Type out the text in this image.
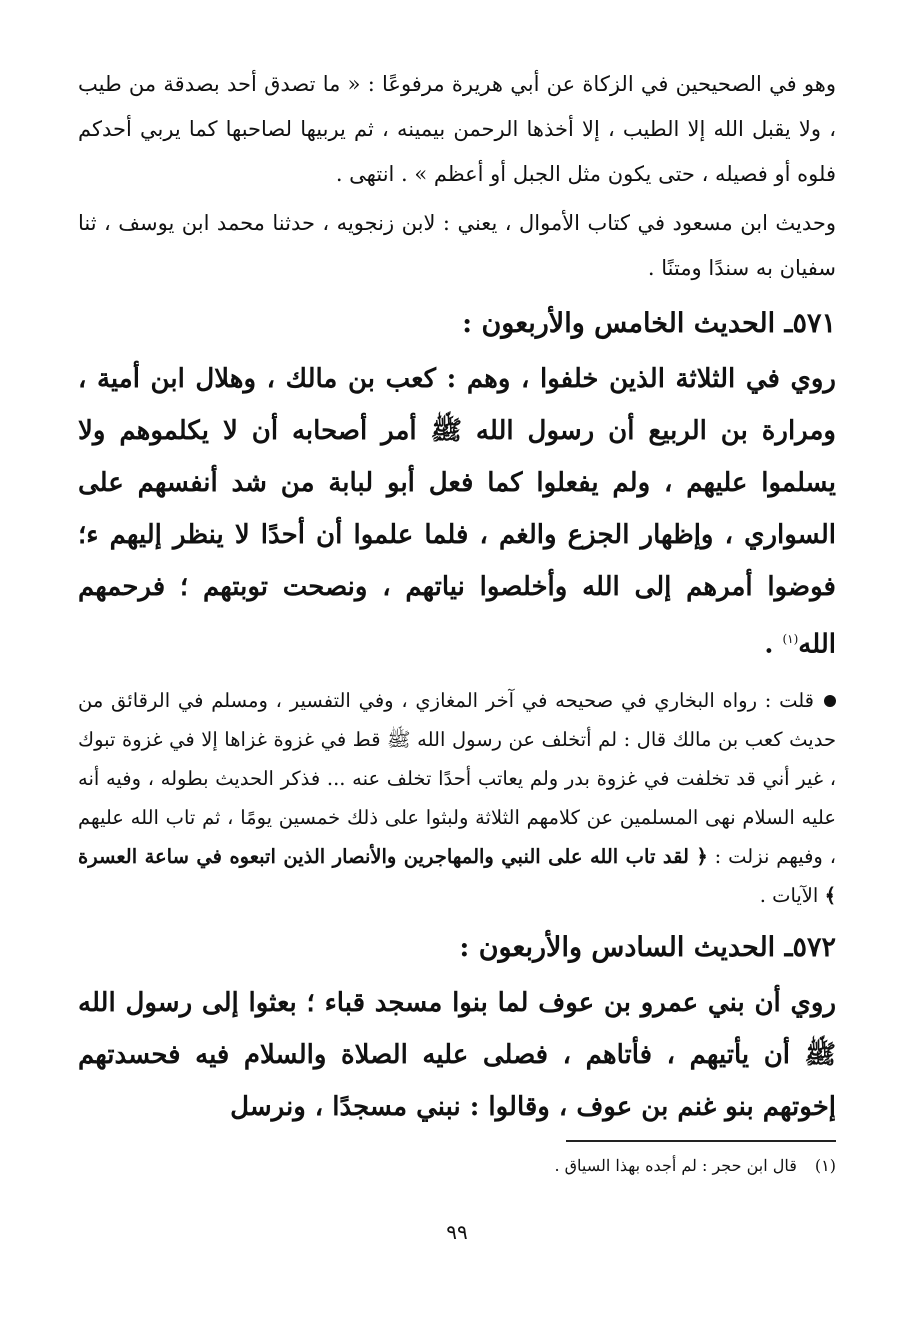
وهو في الصحيحين في الزكاة عن أبي هريرة مرفوعًا : « ما تصدق أحد بصدقة من طيب ، ولا يقبل الله إلا الطيب ، إلا أخذها الرحمن بيمينه ، ثم يربيها لصاحبها كما يربي أحدكم فلوه أو فصيله ، حتى يكون مثل الجبل أو أعظم » . انتهى .

وحديث ابن مسعود في كتاب الأموال ، يعني : لابن زنجويه ، حدثنا محمد ابن يوسف ، ثنا سفيان به سندًا ومتنًا .

٥٧١ـ الحديث الخامس والأربعون :

روي في الثلاثة الذين خلفوا ، وهم : كعب بن مالك ، وهلال ابن أمية ، ومرارة بن الربيع أن رسول الله ﷺ أمر أصحابه أن لا يكلموهم ولا يسلموا عليهم ، ولم يفعلوا كما فعل أبو لبابة من شد أنفسهم على السواري ، وإظهار الجزع والغم ، فلما علموا أن أحدًا لا ينظر إليهم ء؛ فوضوا أمرهم إلى الله وأخلصوا نياتهم ، ونصحت توبتهم ؛ فرحمهم الله$^{(١)}$ .

قلت : رواه البخاري في صحيحه في آخر المغازي ، وفي التفسير ، ومسلم في الرقائق من حديث كعب بن مالك قال : لم أتخلف عن رسول الله ﷺ قط في غزوة غزاها إلا في غزوة تبوك ، غير أني قد تخلفت في غزوة بدر ولم يعاتب أحدًا تخلف عنه ... فذكر الحديث بطوله ، وفيه أنه عليه السلام نهى المسلمين عن كلامهم الثلاثة ولبثوا على ذلك خمسين يومًا ، ثم تاب الله عليهم ، وفيهم نزلت : ﴿ لقد تاب الله على النبي والمهاجرين والأنصار الذين اتبعوه في ساعة العسرة ﴾ الآيات .

٥٧٢ـ الحديث السادس والأربعون :

روي أن بني عمرو بن عوف لما بنوا مسجد قباء ؛ بعثوا إلى رسول الله ﷺ أن يأتيهم ، فأتاهم ، فصلى عليه الصلاة والسلام فيه فحسدتهم إخوتهم بنو غنم بن عوف ، وقالوا : نبني مسجدًا ، ونرسل

(١)قال ابن حجر : لم أجده بهذا السياق .
٩٩
